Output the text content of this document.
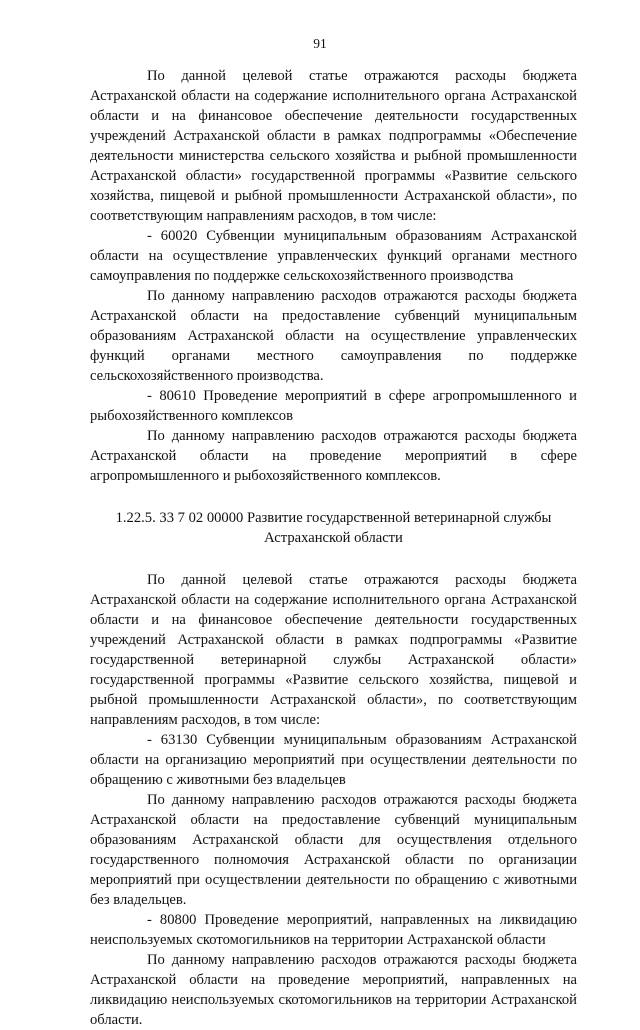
91

По данной целевой статье отражаются расходы бюджета Астраханской области на содержание исполнительного органа Астраханской области и на финансовое обеспечение деятельности государственных учреждений Астраханской области в рамках подпрограммы «Обеспечение деятельности министерства сельского хозяйства и рыбной промышленности Астраханской области» государственной программы «Развитие сельского хозяйства, пищевой и рыбной промышленности Астраханской области», по соответствующим направлениям расходов, в том числе:

- 60020 Субвенции муниципальным образованиям Астраханской области на осуществление управленческих функций органами местного самоуправления по поддержке сельскохозяйственного производства

По данному направлению расходов отражаются расходы бюджета Астраханской области на предоставление субвенций муниципальным образованиям Астраханской области на осуществление управленческих функций органами местного самоуправления по поддержке сельскохозяйственного производства.

- 80610 Проведение мероприятий в сфере агропромышленного и рыбохозяйственного комплексов

По данному направлению расходов отражаются расходы бюджета Астраханской области на проведение мероприятий в сфере агропромышленного и рыбохозяйственного комплексов.

1.22.5. 33 7 02 00000 Развитие государственной ветеринарной службы

Астраханской области

По данной целевой статье отражаются расходы бюджета Астраханской области на содержание исполнительного органа Астраханской области и на финансовое обеспечение деятельности государственных учреждений Астраханской области в рамках подпрограммы «Развитие государственной ветеринарной службы Астраханской области» государственной программы «Развитие сельского хозяйства, пищевой и рыбной промышленности Астраханской области», по соответствующим направлениям расходов, в том числе:

- 63130 Субвенции муниципальным образованиям Астраханской области на организацию мероприятий при осуществлении деятельности по обращению с животными без владельцев

По данному направлению расходов отражаются расходы бюджета Астраханской области на предоставление субвенций муниципальным образованиям Астраханской области для осуществления отдельного государственного полномочия Астраханской области по организации мероприятий при осуществлении деятельности по обращению с животными без владельцев.

- 80800 Проведение мероприятий, направленных на ликвидацию неиспользуемых скотомогильников на территории Астраханской области

По данному направлению расходов отражаются расходы бюджета Астраханской области на проведение мероприятий, направленных на ликвидацию неиспользуемых скотомогильников на территории Астраханской области.
